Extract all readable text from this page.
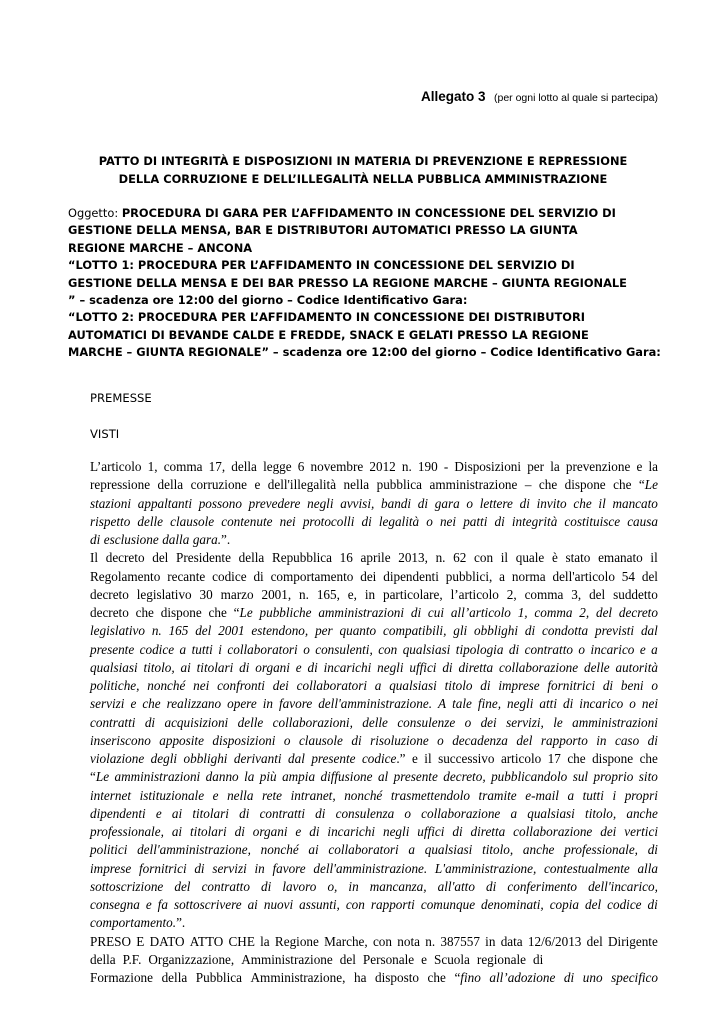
Allegato 3 (per ogni lotto al quale si partecipa)
PATTO DI INTEGRITÀ E DISPOSIZIONI IN MATERIA DI PREVENZIONE E REPRESSIONE
DELLA CORRUZIONE E DELL’ILLEGALITÀ NELLA PUBBLICA AMMINISTRAZIONE
Oggetto: PROCEDURA DI GARA PER L’AFFIDAMENTO IN CONCESSIONE DEL SERVIZIO DI
GESTIONE DELLA MENSA, BAR E DISTRIBUTORI AUTOMATICI PRESSO LA GIUNTA
REGIONE MARCHE – ANCONA
“LOTTO 1: PROCEDURA PER L’AFFIDAMENTO IN CONCESSIONE DEL SERVIZIO DI
GESTIONE DELLA MENSA E DEI BAR PRESSO LA REGIONE MARCHE – GIUNTA REGIONALE
” – scadenza ore 12:00 del giorno – Codice Identificativo Gara:
“LOTTO 2: PROCEDURA PER L’AFFIDAMENTO IN CONCESSIONE DEI DISTRIBUTORI
AUTOMATICI DI BEVANDE CALDE E FREDDE, SNACK E GELATI PRESSO LA REGIONE
MARCHE – GIUNTA REGIONALE” – scadenza ore 12:00 del giorno – Codice Identificativo Gara:
PREMESSE
VISTI
L’articolo 1, comma 17, della legge 6 novembre 2012 n. 190 - Disposizioni per la prevenzione e la
repressione della corruzione e dell'illegalità nella pubblica amministrazione – che dispone che “Le
stazioni appaltanti possono prevedere negli avvisi, bandi di gara o lettere di invito che il mancato
rispetto delle clausole contenute nei protocolli di legalità o nei patti di integrità costituisce causa
di esclusione dalla gara.”.
Il decreto del Presidente della Repubblica 16 aprile 2013, n. 62 con il quale è stato emanato il
Regolamento recante codice di comportamento dei dipendenti pubblici, a norma dell'articolo 54 del
decreto legislativo 30 marzo 2001, n. 165, e, in particolare, l’articolo 2, comma 3, del suddetto
decreto che dispone che “Le pubbliche amministrazioni di cui all’articolo 1, comma 2, del decreto
legislativo n. 165 del 2001 estendono, per quanto compatibili, gli obblighi di condotta previsti dal
presente codice a tutti i collaboratori o consulenti, con qualsiasi tipologia di contratto o incarico e a
qualsiasi titolo, ai titolari di organi e di incarichi negli uffici di diretta collaborazione delle autorità
politiche, nonché nei confronti dei collaboratori a qualsiasi titolo di imprese fornitrici di beni o
servizi e che realizzano opere in favore dell'amministrazione. A tale fine, negli atti di incarico o nei
contratti di acquisizioni delle collaborazioni, delle consulenze o dei servizi, le amministrazioni
inseriscono apposite disposizioni o clausole di risoluzione o decadenza del rapporto in caso di
violazione degli obblighi derivanti dal presente codice.” e il successivo articolo 17 che dispone che
“Le amministrazioni danno la più ampia diffusione al presente decreto, pubblicandolo sul proprio sito
internet istituzionale e nella rete intranet, nonché trasmettendolo tramite e-mail a tutti i propri
dipendenti e ai titolari di contratti di consulenza o collaborazione a qualsiasi titolo, anche
professionale, ai titolari di organi e di incarichi negli uffici di diretta collaborazione dei vertici
politici dell'amministrazione, nonché ai collaboratori a qualsiasi titolo, anche professionale, di
imprese fornitrici di servizi in favore dell'amministrazione. L'amministrazione, contestualmente alla
sottoscrizione del contratto di lavoro o, in mancanza, all'atto di conferimento dell'incarico,
consegna e fa sottoscrivere ai nuovi assunti, con rapporti comunque denominati, copia del codice di
comportamento.”.
PRESO E DATO ATTO CHE la Regione Marche, con nota n. 387557 in data 12/6/2013 del Dirigente
della P.F. Organizzazione, Amministrazione del Personale e Scuola regionale di
Formazione della Pubblica Amministrazione, ha disposto che “fino all’adozione di uno specifico
